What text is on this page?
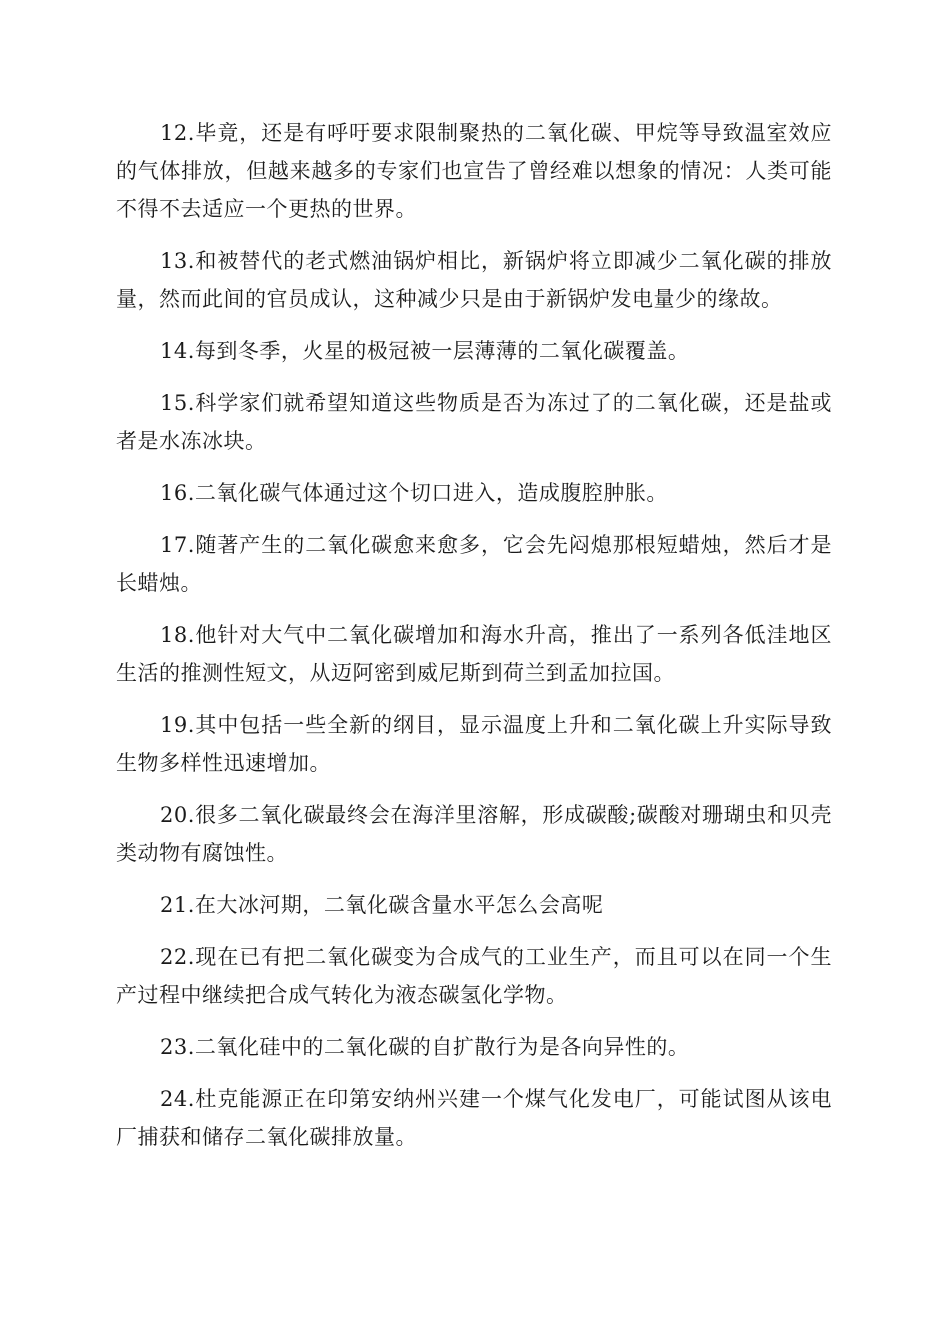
12.毕竟，还是有呼吁要求限制聚热的二氧化碳、甲烷等导致温室效应的气体排放，但越来越多的专家们也宣告了曾经难以想象的情况：人类可能不得不去适应一个更热的世界。

13.和被替代的老式燃油锅炉相比，新锅炉将立即减少二氧化碳的排放量，然而此间的官员成认，这种减少只是由于新锅炉发电量少的缘故。

14.每到冬季，火星的极冠被一层薄薄的二氧化碳覆盖。

15.科学家们就希望知道这些物质是否为冻过了的二氧化碳，还是盐或者是水冻冰块。

16.二氧化碳气体通过这个切口进入，造成腹腔肿胀。

17.随著产生的二氧化碳愈来愈多，它会先闷熄那根短蜡烛，然后才是长蜡烛。

18.他针对大气中二氧化碳增加和海水升高，推出了一系列各低洼地区生活的推测性短文，从迈阿密到威尼斯到荷兰到孟加拉国。

19.其中包括一些全新的纲目，显示温度上升和二氧化碳上升实际导致生物多样性迅速增加。

20.很多二氧化碳最终会在海洋里溶解，形成碳酸;碳酸对珊瑚虫和贝壳类动物有腐蚀性。

21.在大冰河期，二氧化碳含量水平怎么会高呢

22.现在已有把二氧化碳变为合成气的工业生产，而且可以在同一个生产过程中继续把合成气转化为液态碳氢化学物。

23.二氧化硅中的二氧化碳的自扩散行为是各向异性的。

24.杜克能源正在印第安纳州兴建一个煤气化发电厂，可能试图从该电厂捕获和储存二氧化碳排放量。
